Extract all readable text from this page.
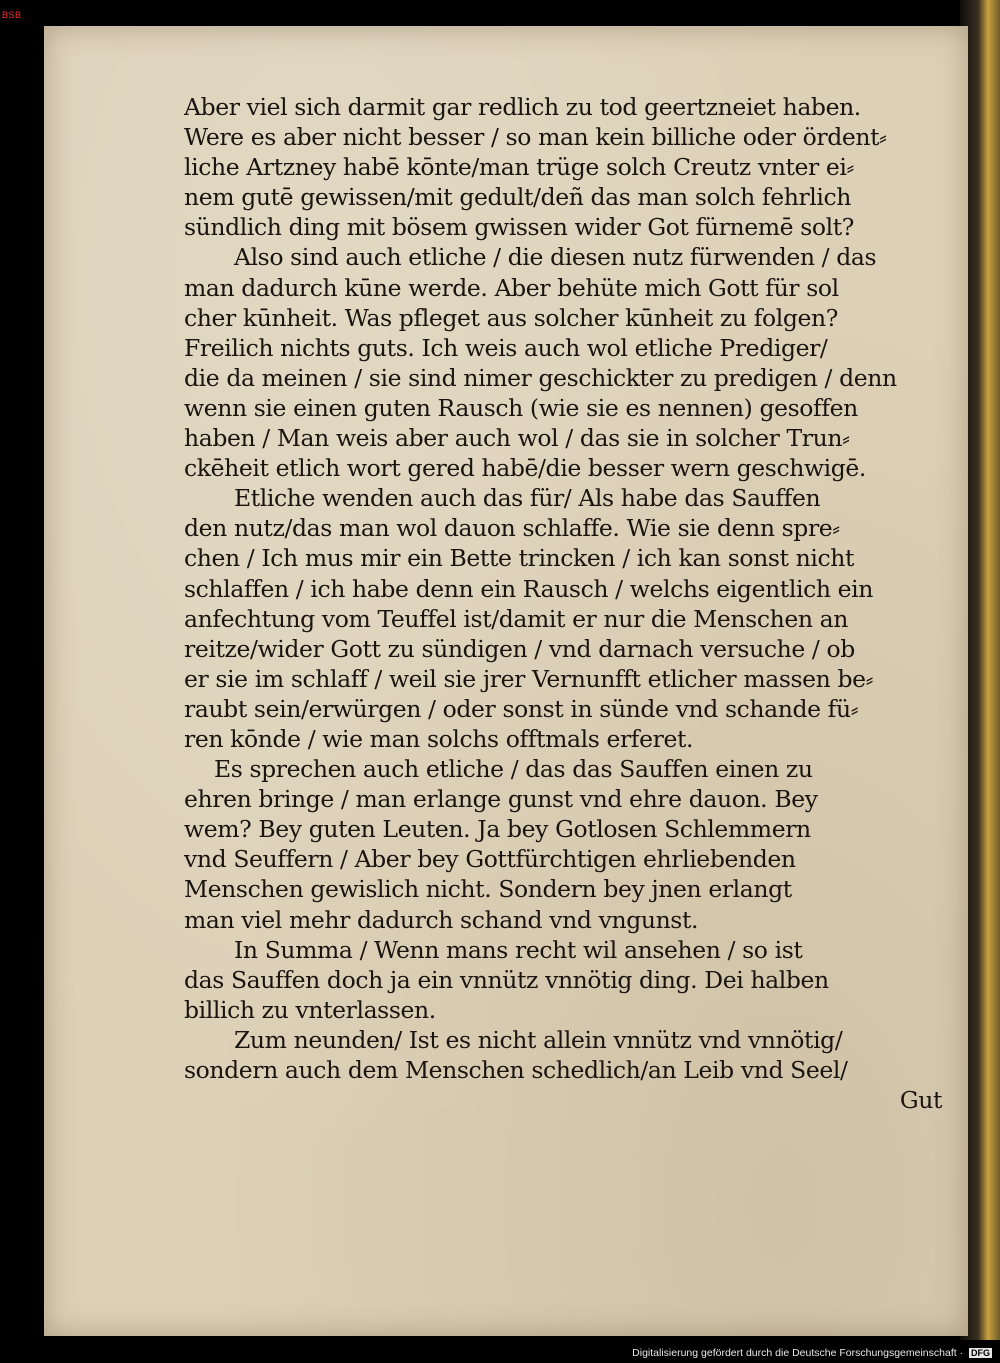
BSB
Aber viel sich darmit gar redlich zu tod geertzneiet haben.
Were es aber nicht besser / so man kein billiche oder ördent⸗
liche Artzney habē kōnte/man trüge solch Creutz vnter ei⸗
nem gutē gewissen/mit gedult/deñ das man solch fehrlich
sündlich ding mit bösem gwissen wider Got fürnemē solt?
Also sind auch etliche / die diesen nutz fürwenden / das
man dadurch kūne werde. Aber behüte mich Gott für sol
cher kūnheit. Was pfleget aus solcher kūnheit zu folgen?
Freilich nichts guts. Ich weis auch wol etliche Prediger/
die da meinen / sie sind nimer geschickter zu predigen / denn
wenn sie einen guten Rausch (wie sie es nennen) gesoffen
haben / Man weis aber auch wol / das sie in solcher Trun⸗
ckēheit etlich wort gered habē/die besser wern geschwigē.
Etliche wenden auch das für/ Als habe das Sauffen
den nutz/das man wol dauon schlaffe. Wie sie denn spre⸗
chen / Ich mus mir ein Bette trincken / ich kan sonst nicht
schlaffen / ich habe denn ein Rausch / welchs eigentlich ein
anfechtung vom Teuffel ist/damit er nur die Menschen an
reitze/wider Gott zu sündigen / vnd darnach versuche / ob
er sie im schlaff / weil sie jrer Vernunfft etlicher massen be⸗
raubt sein/erwürgen / oder sonst in sünde vnd schande fü⸗
ren kōnde / wie man solchs offtmals erferet.
Es sprechen auch etliche / das das Sauffen einen zu
ehren bringe / man erlange gunst vnd ehre dauon. Bey
wem? Bey guten Leuten. Ja bey Gotlosen Schlemmern
vnd Seuffern / Aber bey Gottfürchtigen ehrliebenden
Menschen gewislich nicht. Sondern bey jnen erlangt
man viel mehr dadurch schand vnd vngunst.
In Summa / Wenn mans recht wil ansehen / so ist
das Sauffen doch ja ein vnnütz vnnötig ding. Dei halben
billich zu vnterlassen.
Zum neunden/ Ist es nicht allein vnnütz vnd vnnötig/
sondern auch dem Menschen schedlich/an Leib vnd Seel/
Gut
Digitalisierung gefördert durch die Deutsche Forschungsgemeinschaft · DFG
